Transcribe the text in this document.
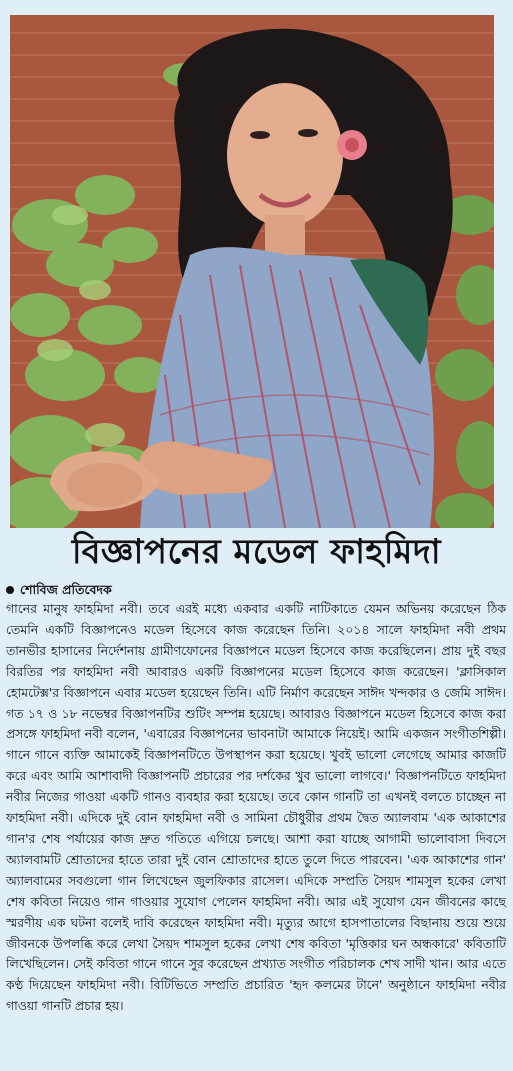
বিজ্ঞাপনের মডেল ফাহমিদা
শোবিজ প্রতিবেদক
গানের মানুষ ফাহমিদা নবী। তবে এরই মধ্যে একবার একটি নাটিকাতে যেমন অভিনয় করেছেন ঠিক তেমনি একটি বিজ্ঞাপনেও মডেল হিসেবে কাজ করেছেন তিনি। ২০১৪ সালে ফাহমিদা নবী প্রথম তানভীর হাসানের নির্দেশনায় গ্রামীণফোনের বিজ্ঞাপনে মডেল হিসেবে কাজ করেছিলেন। প্রায় দুই বছর বিরতির পর ফাহমিদা নবী আবারও একটি বিজ্ঞাপনের মডেল হিসেবে কাজ করেছেন। 'ক্লাসিকাল হোমটেক্স'র বিজ্ঞাপনে এবার মডেল হয়েছেন তিনি। এটি নির্মাণ করেছেন সাঈদ খন্দকার ও জেমি সাঈদ। গত ১৭ ও ১৮ নভেম্বর বিজ্ঞাপনটির শুটিং সম্পন্ন হয়েছে। আবারও বিজ্ঞাপনে মডেল হিসেবে কাজ করা প্রসঙ্গে ফাহমিদা নবী বলেন, 'এবারের বিজ্ঞাপনের ভাবনাটা আমাকে নিয়েই। আমি একজন সংগীতশিল্পী। গানে গানে ব্যক্তি আমাকেই বিজ্ঞাপনটিতে উপস্থাপন করা হয়েছে। খুবই ভালো লেগেছে আমার কাজটি করে এবং আমি আশাবাদী বিজ্ঞাপনটি প্রচারের পর দর্শকের খুব ভালো লাগবে।' বিজ্ঞাপনটিতে ফাহমিদা নবীর নিজের গাওয়া একটি গানও ব্যবহার করা হয়েছে। তবে কোন গানটি তা এখনই বলতে চাচ্ছেন না ফাহমিদা নবী। এদিকে দুই বোন ফাহমিদা নবী ও সামিনা চৌধুরীর প্রথম দ্বৈত অ্যালবাম 'এক আকাশের গান'র শেষ পর্যায়ের কাজ দ্রুত গতিতে এগিয়ে চলছে। আশা করা যাচ্ছে আগামী ভালোবাসা দিবসে অ্যালবামটি শ্রোতাদের হাতে তারা দুই বোন শ্রোতাদের হাতে তুলে দিতে পারবেন। 'এক আকাশের গান' অ্যালবামের সবগুলো গান লিখেছেন জুলফিকার রাসেল। এদিকে সম্প্রতি সৈয়দ শামসুল হকের লেখা শেষ কবিতা নিয়েও গান গাওয়ার সুযোগ পেলেন ফাহমিদা নবী। আর এই সুযোগ যেন জীবনের কাছে স্মরণীয় এক ঘটনা বলেই দাবি করেছেন ফাহমিদা নবী। মৃত্যুর আগে হাসপাতালের বিছানায় শুয়ে শুয়ে জীবনকে উপলব্ধি করে লেখা সৈয়দ শামসুল হকের লেখা শেষ কবিতা 'মৃত্তিকার ঘন অন্ধকারে' কবিতাটি লিখেছিলেন। সেই কবিতা গানে গানে সুর করেছেন প্রখ্যাত সংগীত পরিচালক শেখ সাদী খান। আর এতে কণ্ঠ দিয়েছেন ফাহমিদা নবী। বিটিভিতে সম্প্রতি প্রচারিত 'হৃদ কলমের টানে' অনুষ্ঠানে ফাহমিদা নবীর গাওয়া গানটি প্রচার হয়।
